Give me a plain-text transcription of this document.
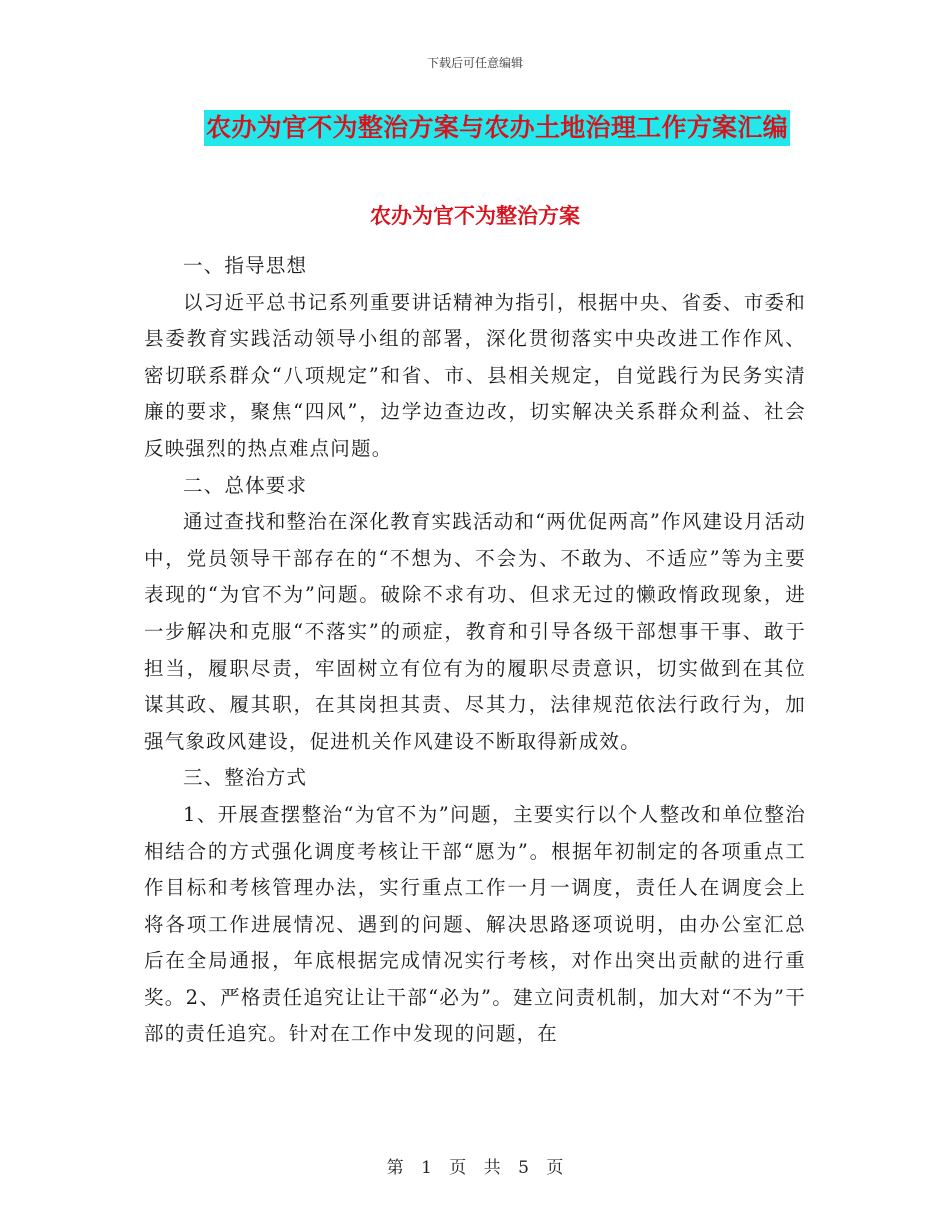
下载后可任意编辑
农办为官不为整治方案与农办土地治理工作方案汇编
农办为官不为整治方案

一、指导思想

以习近平总书记系列重要讲话精神为指引，根据中央、省委、市委和县委教育实践活动领导小组的部署，深化贯彻落实中央改进工作作风、密切联系群众“八项规定”和省、市、县相关规定，自觉践行为民务实清廉的要求，聚焦“四风”，边学边查边改，切实解决关系群众利益、社会反映强烈的热点难点问题。

二、总体要求

通过查找和整治在深化教育实践活动和“两优促两高”作风建设月活动中，党员领导干部存在的“不想为、不会为、不敢为、不适应”等为主要表现的“为官不为”问题。破除不求有功、但求无过的懒政惰政现象，进一步解决和克服“不落实”的顽症，教育和引导各级干部想事干事、敢于担当，履职尽责，牢固树立有位有为的履职尽责意识，切实做到在其位谋其政、履其职，在其岗担其责、尽其力，法律规范依法行政行为，加强气象政风建设，促进机关作风建设不断取得新成效。

三、整治方式

1、开展查摆整治“为官不为”问题，主要实行以个人整改和单位整治相结合的方式强化调度考核让干部“愿为”。根据年初制定的各项重点工作目标和考核管理办法，实行重点工作一月一调度，责任人在调度会上将各项工作进展情况、遇到的问题、解决思路逐项说明，由办公室汇总后在全局通报，年底根据完成情况实行考核，对作出突出贡献的进行重奖。2、严格责任追究让让干部“必为”。建立问责机制，加大对“不为”干部的责任追究。针对在工作中发现的问题，在

第 1 页 共 5 页
